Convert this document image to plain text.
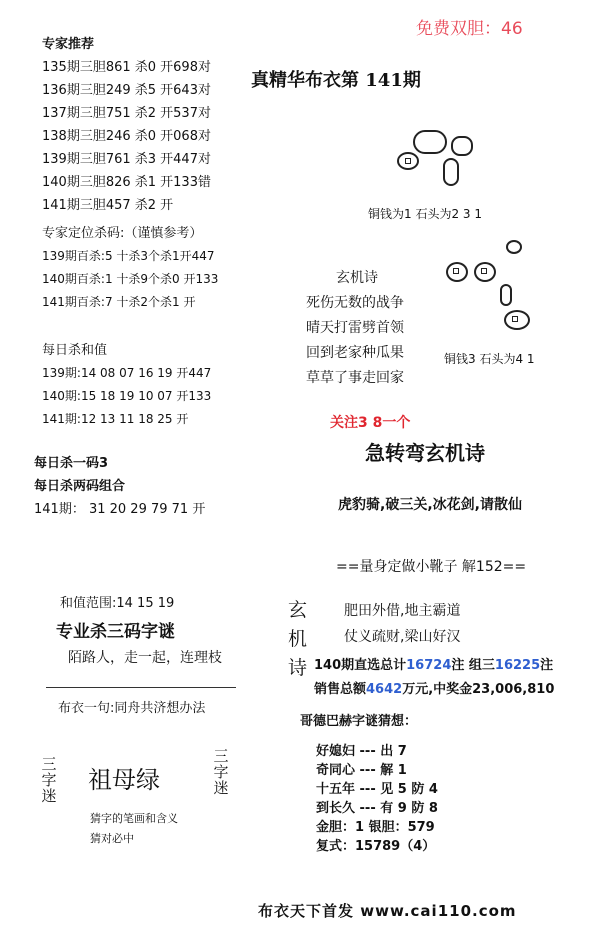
免费双胆：46
真精华布衣第 141期
专家推荐
135期三胆861 杀0 开698对
136期三胆249 杀5 开643对
137期三胆751 杀2 开537对
138期三胆246 杀0 开068对
139期三胆761 杀3 开447对
140期三胆826 杀1 开133错
141期三胆457 杀2 开
专家定位杀码:（谨慎参考）
139期百杀:5 十杀3个杀1开447
140期百杀:1 十杀9个杀0 开133
141期百杀:7 十杀2个杀1 开
每日杀和值
139期:14 08 07 16 19 开447
140期:15 18 19 10 07 开133
141期:12 13 11 18 25 开
每日杀一码3
每日杀两码组合
141期： 31 20 29 79 71 开
铜钱为1 石头为2 3 1
铜钱3 石头为4 1
玄机诗
死伤无数的战争
晴天打雷劈首领
回到老家种瓜果
草草了事走回家
关注3 8一个
急转弯玄机诗
虎豹骑,破三关,冰花剑,请散仙
==量身定做小靴子 解152==
和值范围:14 15 19
专业杀三码字谜
陌路人，走一起，连理枝
布衣一句:同舟共济想办法
玄机诗
肥田外借,地主霸道
仗义疏财,梁山好汉
140期直选总计16724注 组三16225注
销售总额4642万元,中奖金23,006,810
哥德巴赫字谜猜想：
好媳妇 --- 出 7
奇同心 --- 解 1
十五年 --- 见 5 防 4
到长久 --- 有 9 防 8
金胆：1 银胆：579
复式：15789（4）
三字迷
三字迷
祖母绿
猜字的笔画和含义
猜对必中
布衣天下首发 www.cai110.com
